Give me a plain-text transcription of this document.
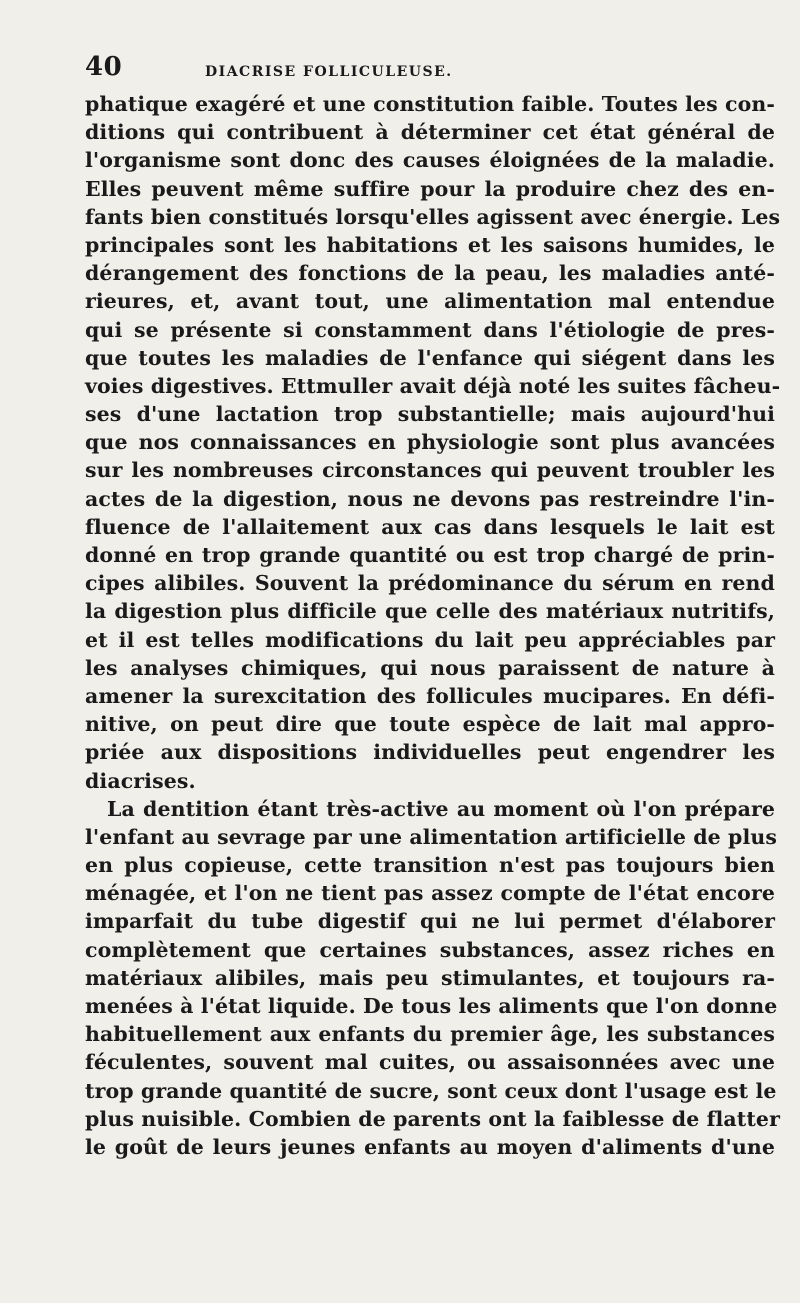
40	DIACRISE FOLLICULEUSE.
phatique exagéré et une constitution faible. Toutes les con-
ditions qui contribuent à déterminer cet état général de
l'organisme sont donc des causes éloignées de la maladie.
Elles peuvent même suffire pour la produire chez des en-
fants bien constitués lorsqu'elles agissent avec énergie. Les
principales sont les habitations et les saisons humides, le
dérangement des fonctions de la peau, les maladies anté-
rieures, et, avant tout, une alimentation mal entendue
qui se présente si constamment dans l'étiologie de pres-
que toutes les maladies de l'enfance qui siégent dans les
voies digestives. Ettmuller avait déjà noté les suites fâcheu-
ses d'une lactation trop substantielle; mais aujourd'hui
que nos connaissances en physiologie sont plus avancées
sur les nombreuses circonstances qui peuvent troubler les
actes de la digestion, nous ne devons pas restreindre l'in-
fluence de l'allaitement aux cas dans lesquels le lait est
donné en trop grande quantité ou est trop chargé de prin-
cipes alibiles. Souvent la prédominance du sérum en rend
la digestion plus difficile que celle des matériaux nutritifs,
et il est telles modifications du lait peu appréciables par
les analyses chimiques, qui nous paraissent de nature à
amener la surexcitation des follicules mucipares. En défi-
nitive, on peut dire que toute espèce de lait mal appro-
priée aux dispositions individuelles peut engendrer les
diacrises.
La dentition étant très-active au moment où l'on prépare
l'enfant au sevrage par une alimentation artificielle de plus
en plus copieuse, cette transition n'est pas toujours bien
ménagée, et l'on ne tient pas assez compte de l'état encore
imparfait du tube digestif qui ne lui permet d'élaborer
complètement que certaines substances, assez riches en
matériaux alibiles, mais peu stimulantes, et toujours ra-
menées à l'état liquide. De tous les aliments que l'on donne
habituellement aux enfants du premier âge, les substances
féculentes, souvent mal cuites, ou assaisonnées avec une
trop grande quantité de sucre, sont ceux dont l'usage est le
plus nuisible. Combien de parents ont la faiblesse de flatter
le goût de leurs jeunes enfants au moyen d'aliments d'une
